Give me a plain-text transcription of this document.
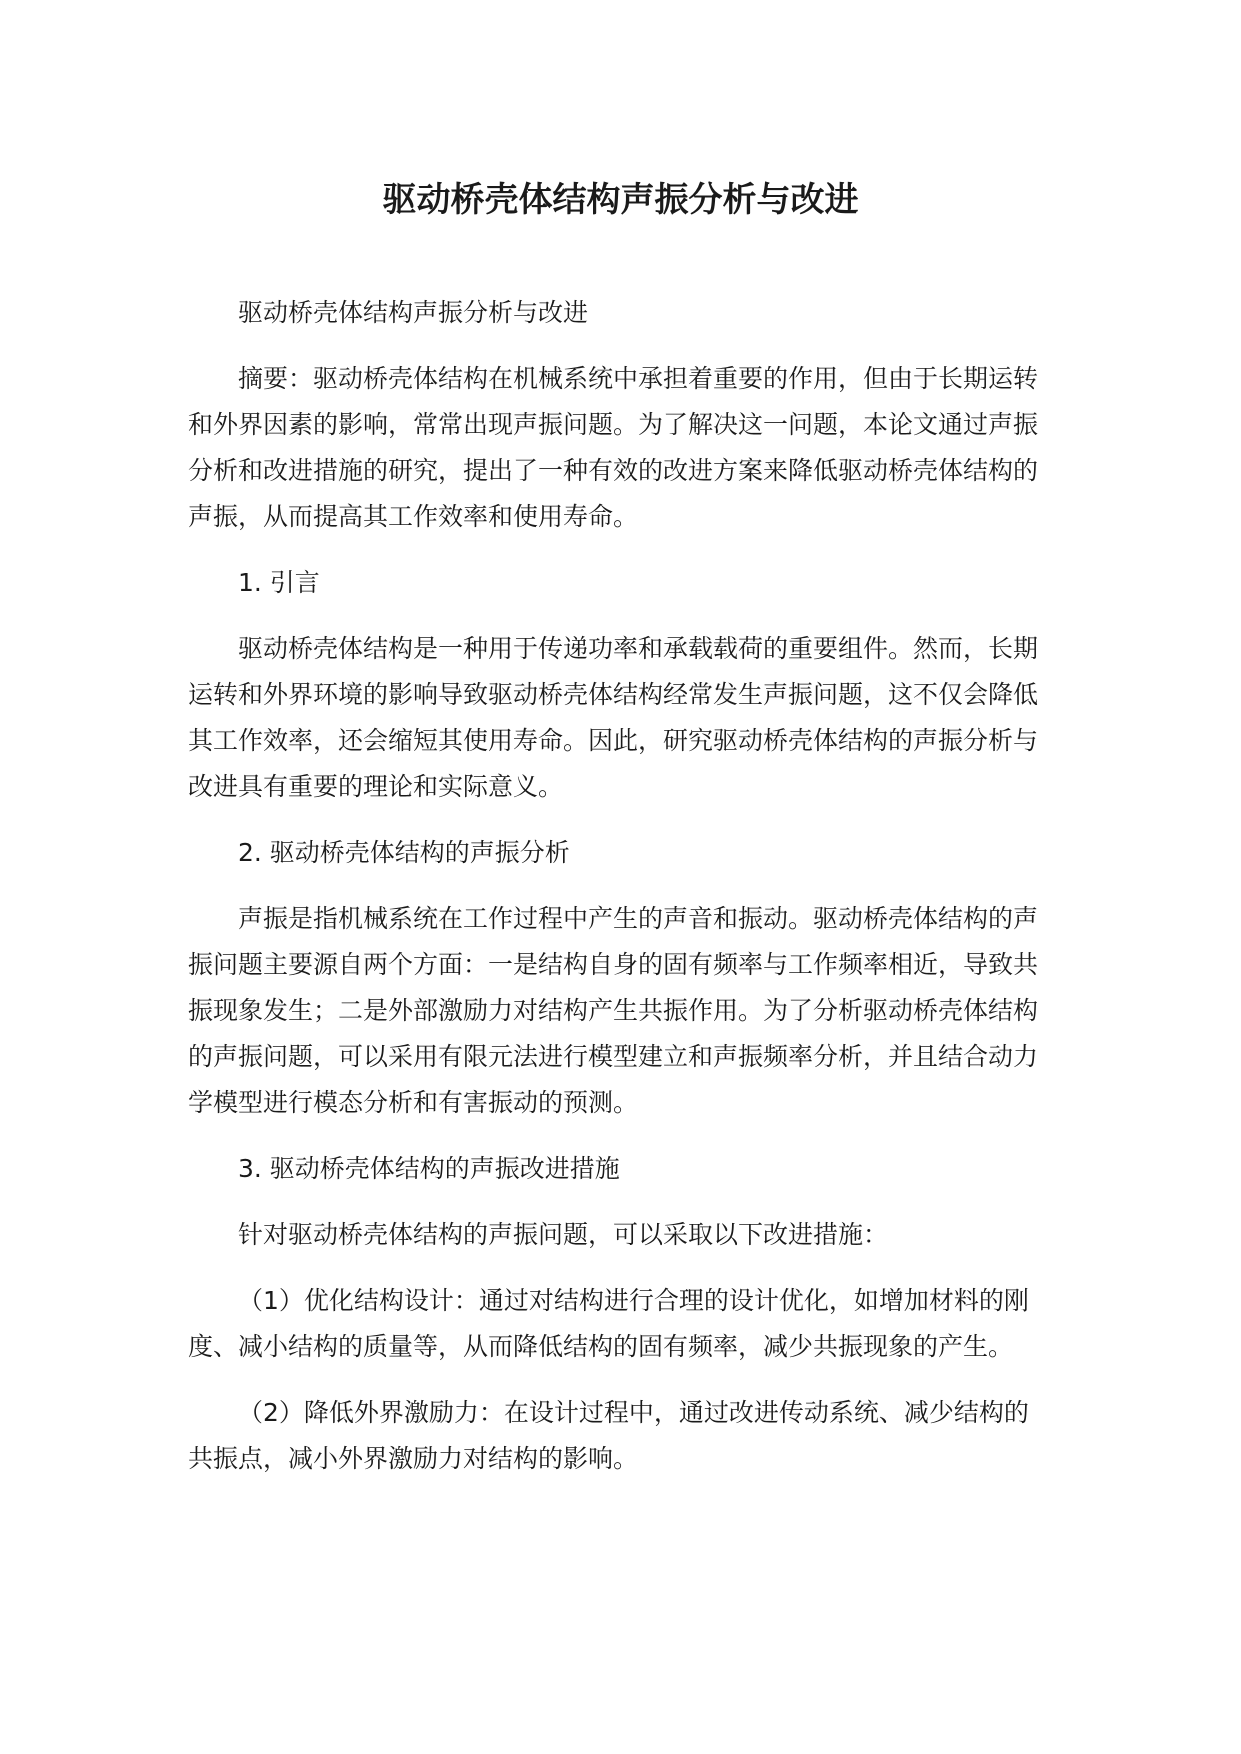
驱动桥壳体结构声振分析与改进

驱动桥壳体结构声振分析与改进

摘要：驱动桥壳体结构在机械系统中承担着重要的作用，但由于长期运转和外界因素的影响，常常出现声振问题。为了解决这一问题，本论文通过声振分析和改进措施的研究，提出了一种有效的改进方案来降低驱动桥壳体结构的声振，从而提高其工作效率和使用寿命。

1. 引言

驱动桥壳体结构是一种用于传递功率和承载载荷的重要组件。然而，长期运转和外界环境的影响导致驱动桥壳体结构经常发生声振问题，这不仅会降低其工作效率，还会缩短其使用寿命。因此，研究驱动桥壳体结构的声振分析与改进具有重要的理论和实际意义。

2. 驱动桥壳体结构的声振分析

声振是指机械系统在工作过程中产生的声音和振动。驱动桥壳体结构的声振问题主要源自两个方面：一是结构自身的固有频率与工作频率相近，导致共振现象发生；二是外部激励力对结构产生共振作用。为了分析驱动桥壳体结构的声振问题，可以采用有限元法进行模型建立和声振频率分析，并且结合动力学模型进行模态分析和有害振动的预测。

3. 驱动桥壳体结构的声振改进措施

针对驱动桥壳体结构的声振问题，可以采取以下改进措施：

（1）优化结构设计：通过对结构进行合理的设计优化，如增加材料的刚度、减小结构的质量等，从而降低结构的固有频率，减少共振现象的产生。

（2）降低外界激励力：在设计过程中，通过改进传动系统、减少结构的共振点，减小外界激励力对结构的影响。
